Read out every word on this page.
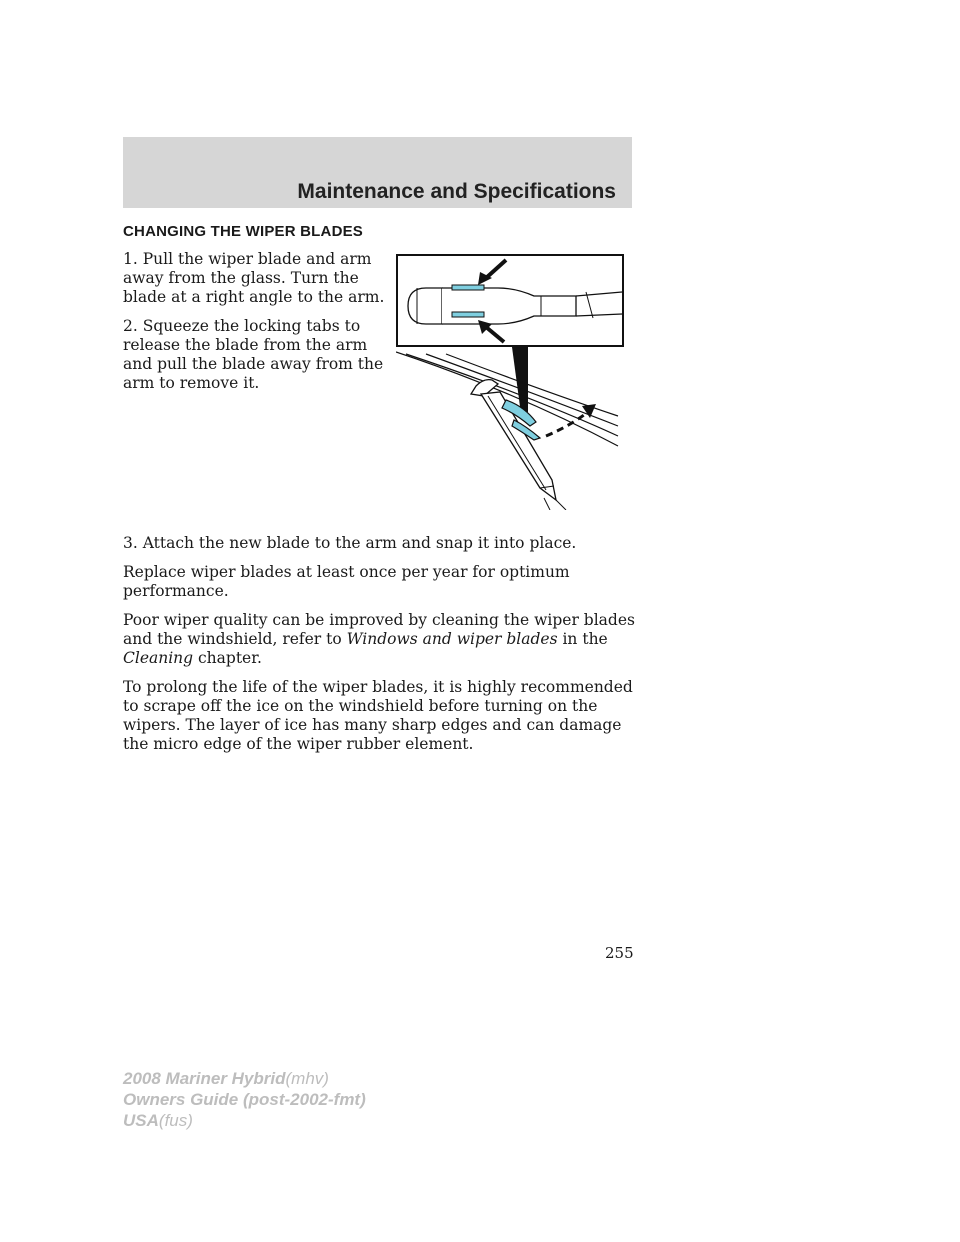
Maintenance and Specifications
CHANGING THE WIPER BLADES

1. Pull the wiper blade and arm away from the glass. Turn the blade at a right angle to the arm.

2. Squeeze the locking tabs to release the blade from the arm and pull the blade away from the arm to remove it.

3. Attach the new blade to the arm and snap it into place.

Replace wiper blades at least once per year for optimum performance.

Poor wiper quality can be improved by cleaning the wiper blades and the windshield, refer to Windows and wiper blades in the Cleaning chapter.

To prolong the life of the wiper blades, it is highly recommended to scrape off the ice on the windshield before turning on the wipers. The layer of ice has many sharp edges and can damage the micro edge of the wiper rubber element.

255

2008 Mariner Hybrid(mhv)
Owners Guide (post-2002-fmt)
USA(fus)
